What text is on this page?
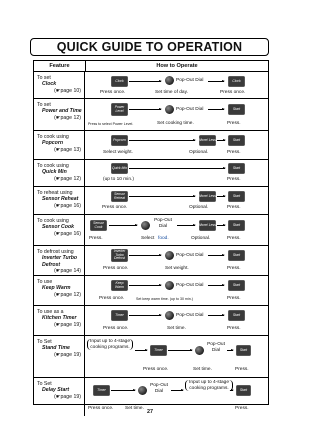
QUICK GUIDE TO OPERATION
Feature	How to Operate
To set
Clock
(☛page 10)
Clock	Pop-Out Dial	Clock
Press once.	Set time of day.	Press once.
To set
Power and Time
(☛page 12)
Power Level	Pop-Out Dial	Start
Press to select Power Level.	Set cooking time.	Press.
To cook using
Popcorn
(☛page 13)
Popcorn	More/ Less	Start
Select weight.	Optional.	Press.
To cook using
Quick Min
(☛page 12)
Quick Min	Start
(up to 10 min.)	Press.
To reheat using
Sensor Reheat
(☛page 16)
Sensor Reheat	More/ Less	Start
Press once.	Optional.	Press.
To cook using
Sensor Cook
(☛page 16)
Sensor Cook
Pop-Out Dial	More/ Less	Start
Press.	Select food.	Optional.	Press.
To defrost using
Inverter Turbo Defrost
(☛page 14)
Inverter Turbo Defrost
Pop-Out Dial	Start
Press once.	Set weight.	Press.
To use
Keep Warm
(☛page 12)
Keep Warm	Pop-Out Dial	Start
Press once.	Set keep warm time. (up to 30 min.)	Press.
To use as a
Kitchen Timer
(☛page 19)
Timer	Pop-Out Dial	Start
Press once.	Set time.	Press.
To Set
Stand Time
(☛page 19)
Input up to 4-stage cooking programs.
Timer
Pop-Out Dial	Start
Press once.	Set time.	Press.
To Set
Delay Start
(☛page 19)
Timer
Pop-Out Dial
Input up to 4-stage cooking programs.	Start
Press once. Set time.	Press.
27
